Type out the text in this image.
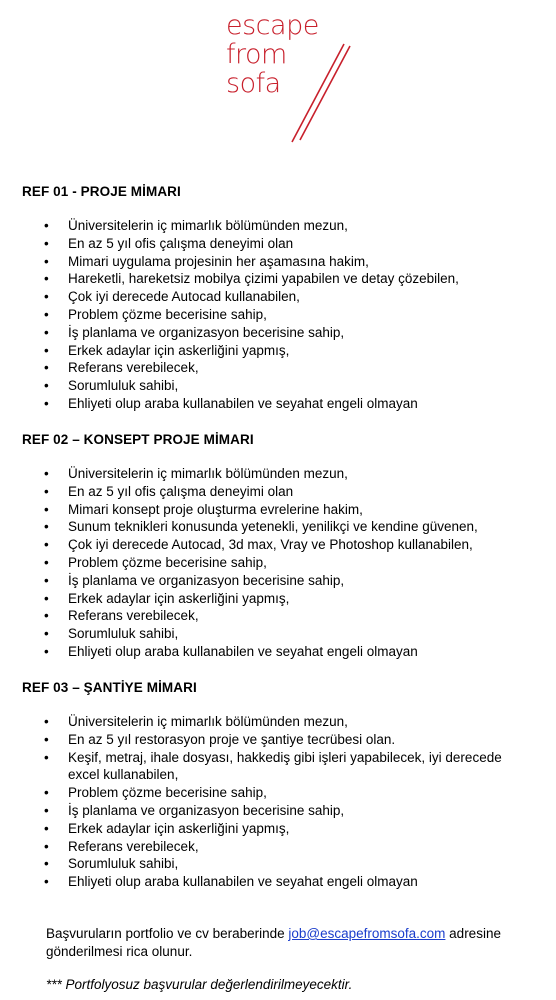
escape
from
sofa
REF 01 - PROJE MİMARI
• Üniversitelerin iç mimarlık bölümünden mezun,
• En az 5 yıl ofis çalışma deneyimi olan
• Mimari uygulama projesinin her aşamasına hakim,
• Hareketli, hareketsiz mobilya çizimi yapabilen ve detay çözebilen,
• Çok iyi derecede Autocad kullanabilen,
• Problem çözme becerisine sahip,
• İş planlama ve organizasyon becerisine sahip,
• Erkek adaylar için askerliğini yapmış,
• Referans verebilecek,
• Sorumluluk sahibi,
• Ehliyeti olup araba kullanabilen ve seyahat engeli olmayan
REF 02 – KONSEPT PROJE MİMARI
• Üniversitelerin iç mimarlık bölümünden mezun,
• En az 5 yıl ofis çalışma deneyimi olan
• Mimari konsept proje oluşturma evrelerine hakim,
• Sunum teknikleri konusunda yetenekli, yenilikçi ve kendine güvenen,
• Çok iyi derecede Autocad, 3d max, Vray ve Photoshop kullanabilen,
• Problem çözme becerisine sahip,
• İş planlama ve organizasyon becerisine sahip,
• Erkek adaylar için askerliğini yapmış,
• Referans verebilecek,
• Sorumluluk sahibi,
• Ehliyeti olup araba kullanabilen ve seyahat engeli olmayan
REF 03 – ŞANTİYE MİMARI
• Üniversitelerin iç mimarlık bölümünden mezun,
• En az 5 yıl restorasyon proje ve şantiye tecrübesi olan.
• Keşif, metraj, ihale dosyası, hakkediş gibi işleri yapabilecek, iyi derecede excel kullanabilen,
• Problem çözme becerisine sahip,
• İş planlama ve organizasyon becerisine sahip,
• Erkek adaylar için askerliğini yapmış,
• Referans verebilecek,
• Sorumluluk sahibi,
• Ehliyeti olup araba kullanabilen ve seyahat engeli olmayan
Başvuruların portfolio ve cv beraberinde job@escapefromsofa.com adresine gönderilmesi rica olunur.
*** Portfolyosuz başvurular değerlendirilmeyecektir.
